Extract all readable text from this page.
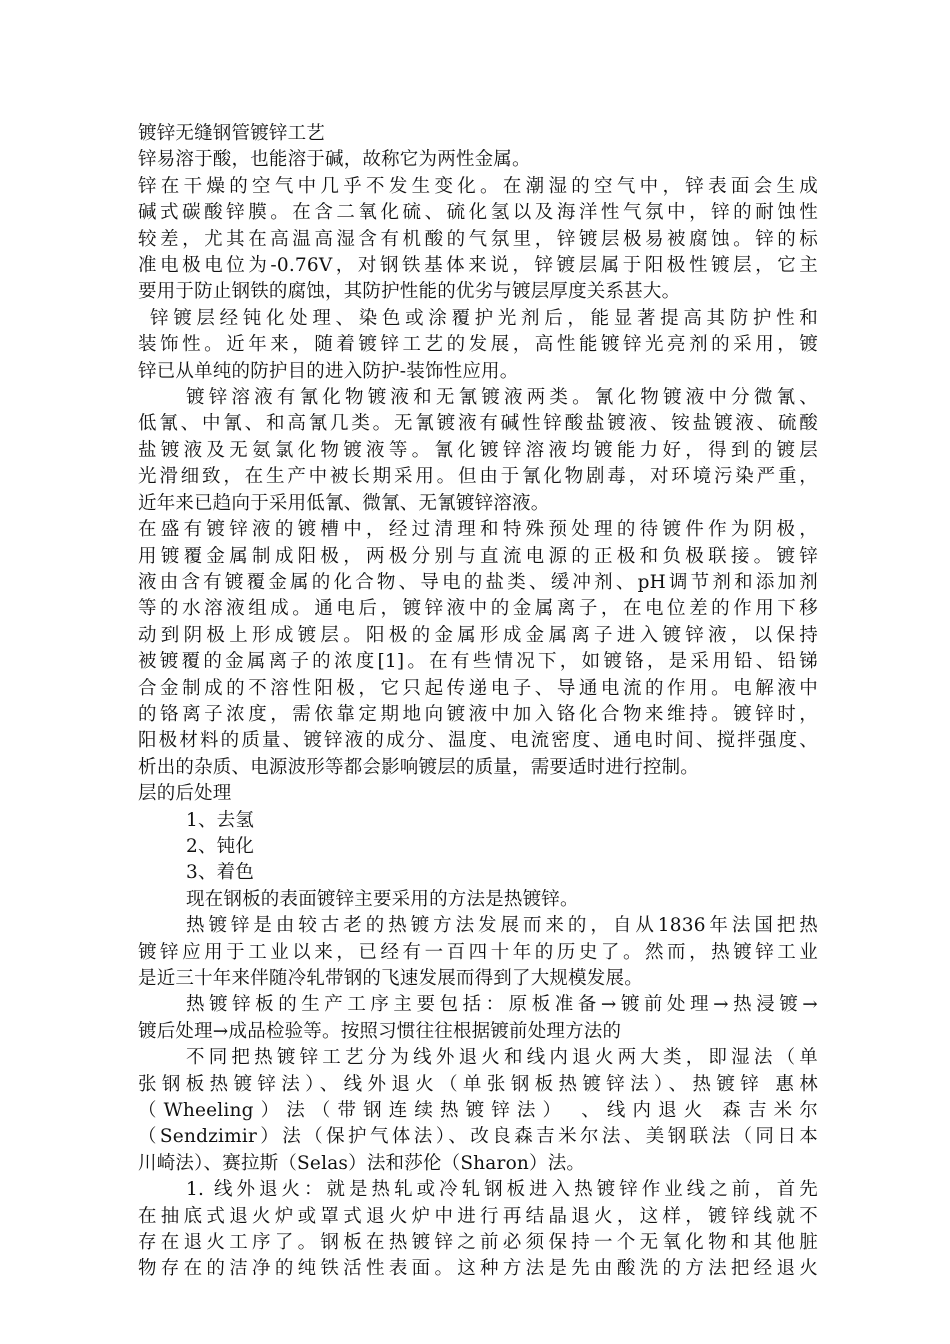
镀锌无缝钢管镀锌工艺
锌易溶于酸，也能溶于碱，故称它为两性金属。
锌在干燥的空气中几乎不发生变化。在潮湿的空气中，锌表面会生成
碱式碳酸锌膜。在含二氧化硫、硫化氢以及海洋性气氛中，锌的耐蚀性
较差，尤其在高温高湿含有机酸的气氛里，锌镀层极易被腐蚀。锌的标
准电极电位为-0.76V，对钢铁基体来说，锌镀层属于阳极性镀层，它主
要用于防止钢铁的腐蚀，其防护性能的优劣与镀层厚度关系甚大。
锌镀层经钝化处理、染色或涂覆护光剂后，能显著提高其防护性和
装饰性。近年来，随着镀锌工艺的发展，高性能镀锌光亮剂的采用，镀
锌已从单纯的防护目的进入防护-装饰性应用。
镀锌溶液有氰化物镀液和无氰镀液两类。氰化物镀液中分微氰、
低氰、中氰、和高氰几类。无氰镀液有碱性锌酸盐镀液、铵盐镀液、硫酸
盐镀液及无氨氯化物镀液等。氰化镀锌溶液均镀能力好，得到的镀层
光滑细致，在生产中被长期采用。但由于氰化物剧毒，对环境污染严重，
近年来已趋向于采用低氰、微氰、无氰镀锌溶液。
在盛有镀锌液的镀槽中，经过清理和特殊预处理的待镀件作为阴极，
用镀覆金属制成阳极，两极分别与直流电源的正极和负极联接。镀锌
液由含有镀覆金属的化合物、导电的盐类、缓冲剂、pH调节剂和添加剂
等的水溶液组成。通电后，镀锌液中的金属离子，在电位差的作用下移
动到阴极上形成镀层。阳极的金属形成金属离子进入镀锌液，以保持
被镀覆的金属离子的浓度[1]。在有些情况下，如镀铬，是采用铅、铅锑
合金制成的不溶性阳极，它只起传递电子、导通电流的作用。电解液中
的铬离子浓度，需依靠定期地向镀液中加入铬化合物来维持。镀锌时，
阳极材料的质量、镀锌液的成分、温度、电流密度、通电时间、搅拌强度、
析出的杂质、电源波形等都会影响镀层的质量，需要适时进行控制。
层的后处理
1、去氢
2、钝化
3、着色
现在钢板的表面镀锌主要采用的方法是热镀锌。
热镀锌是由较古老的热镀方法发展而来的，自从1836年法国把热
镀锌应用于工业以来，已经有一百四十年的历史了。然而，热镀锌工业
是近三十年来伴随冷轧带钢的飞速发展而得到了大规模发展。
热镀锌板的生产工序主要包括：原板准备→镀前处理→热浸镀→
镀后处理→成品检验等。按照习惯往往根据镀前处理方法的
不同把热镀锌工艺分为线外退火和线内退火两大类，即湿法（单
张钢板热镀锌法）、线外退火（单张钢板热镀锌法）、热镀锌 惠林
（Wheeling）法（带钢连续热镀锌法） 、线内退火 森吉米尔
（Sendzimir）法（保护气体法）、改良森吉米尔法、美钢联法（同日本
川崎法）、赛拉斯（Selas）法和莎伦（Sharon）法。
1. 线外退火：就是热轧或冷轧钢板进入热镀锌作业线之前，首先
在抽底式退火炉或罩式退火炉中进行再结晶退火，这样，镀锌线就不
存在退火工序了。钢板在热镀锌之前必须保持一个无氧化物和其他脏
物存在的洁净的纯铁活性表面。这种方法是先由酸洗的方法把经退火
